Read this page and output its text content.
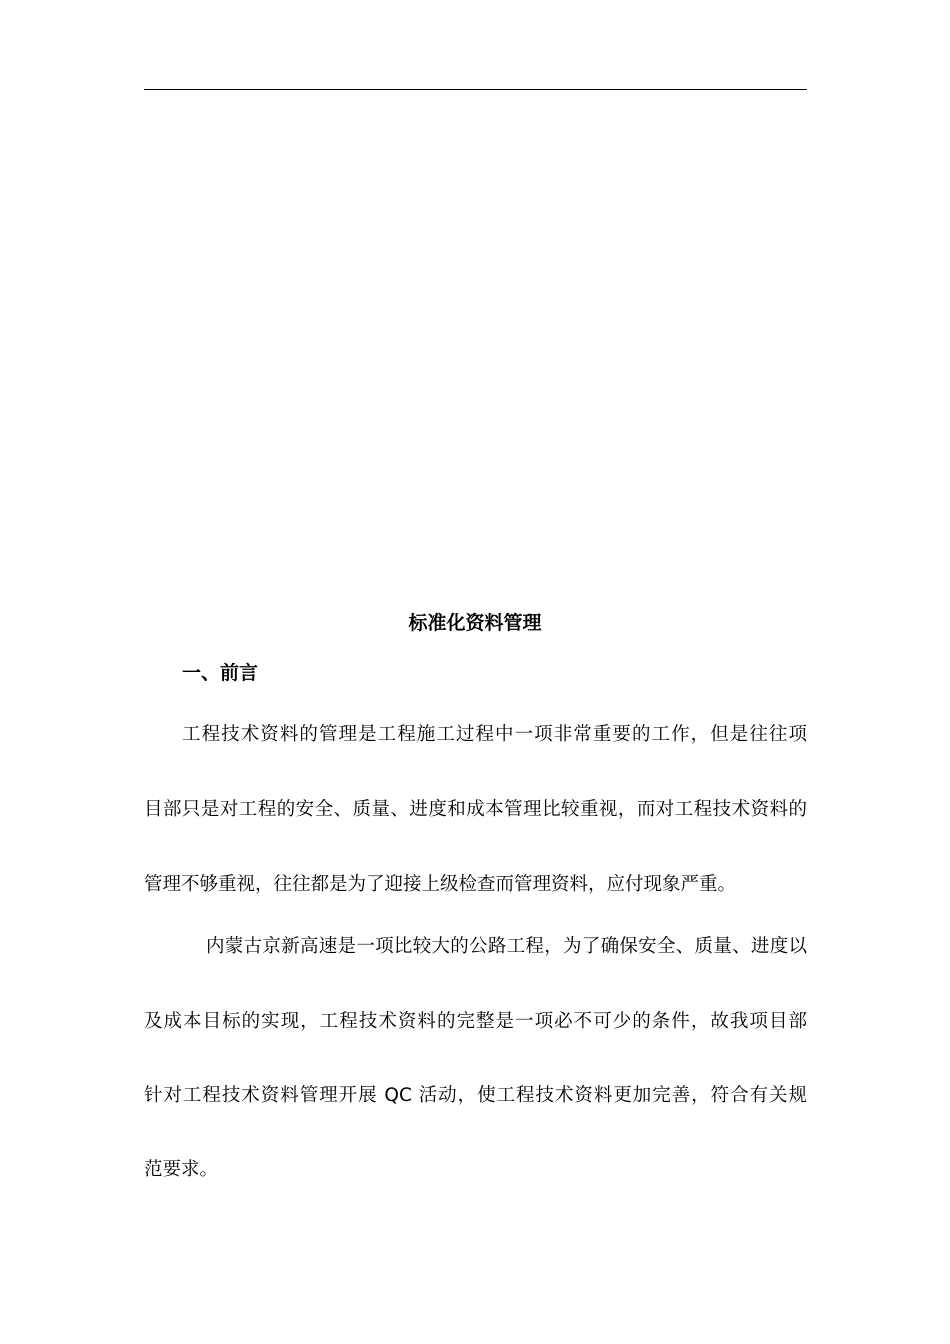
标准化资料管理
一、前言
工程技术资料的管理是工程施工过程中一项非常重要的工作，但是往往项
目部只是对工程的安全、质量、进度和成本管理比较重视，而对工程技术资料的
管理不够重视，往往都是为了迎接上级检查而管理资料，应付现象严重。
内蒙古京新高速是一项比较大的公路工程，为了确保安全、质量、进度以
及成本目标的实现，工程技术资料的完整是一项必不可少的条件，故我项目部
针对工程技术资料管理开展 QC 活动，使工程技术资料更加完善，符合有关规
范要求。
